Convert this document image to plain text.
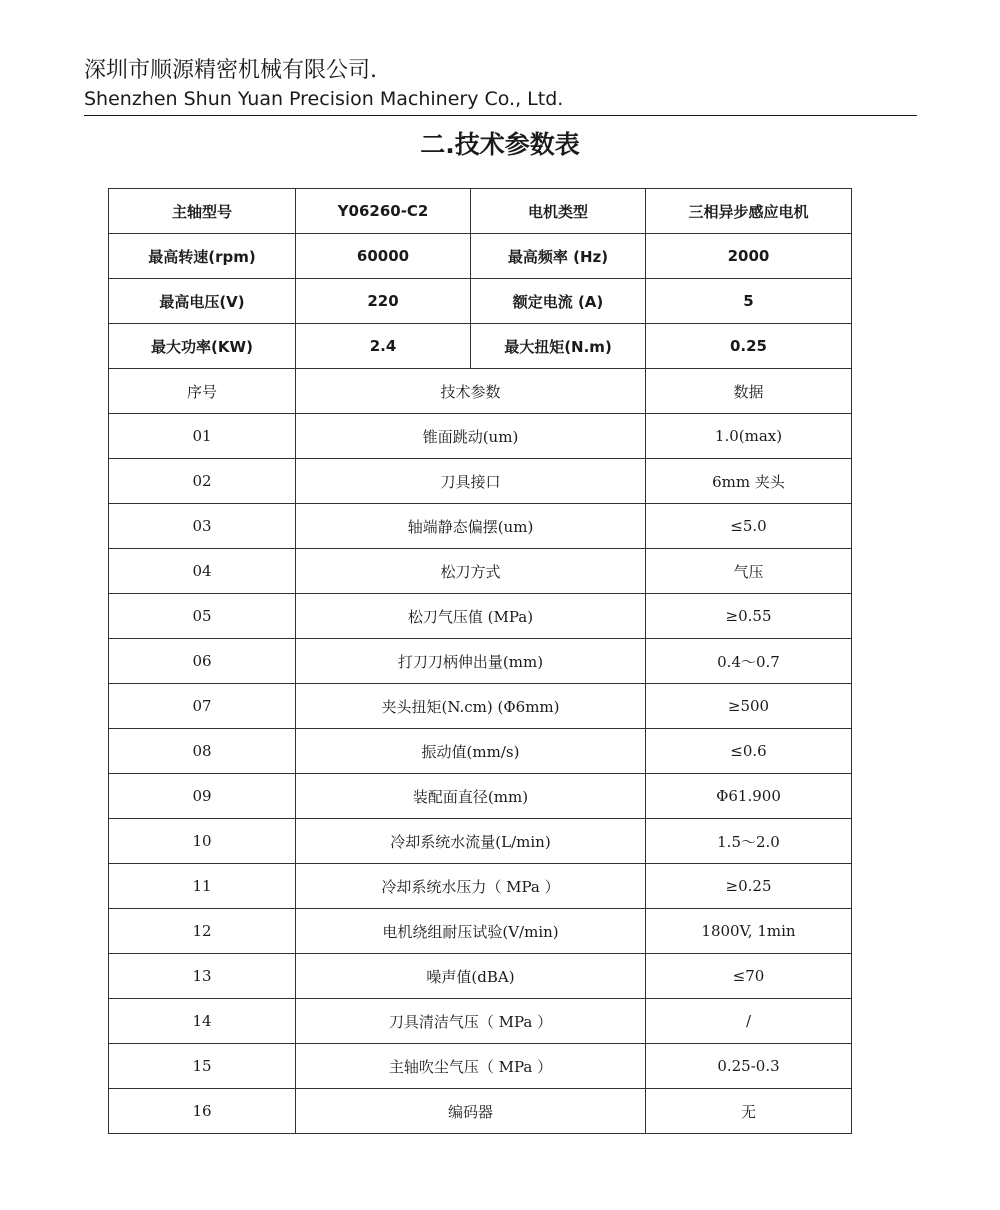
深圳市顺源精密机械有限公司.
Shenzhen Shun Yuan Precision Machinery Co., Ltd.
二.技术参数表
主轴型号	Y06260-C2	电机类型	三相异步感应电机
最高转速(rpm)	60000	最高频率 (Hz)	2000
最高电压(V)	220	额定电流 (A)	5
最大功率(KW)	2.4	最大扭矩(N.m)	0.25
序号	技术参数		数据
01	锥面跳动(um)		1.0(max)
02	刀具接口		6mm 夹头
03	轴端静态偏摆(um)		≤5.0
04	松刀方式		气压
05	松刀气压值 (MPa)		≥0.55
06	打刀刀柄伸出量(mm)		0.4～0.7
07	夹头扭矩(N.cm) (Φ6mm)		≥500
08	振动值(mm/s)		≤0.6
09	装配面直径(mm)		Φ61.900
10	冷却系统水流量(L/min)		1.5～2.0
11	冷却系统水压力（ MPa ）		≥0.25
12	电机绕组耐压试验(V/min)		1800V, 1min
13	噪声值(dBA)		≤70
14	刀具清洁气压（ MPa ）		/
15	主轴吹尘气压（ MPa ）		0.25-0.3
16	编码器		无
